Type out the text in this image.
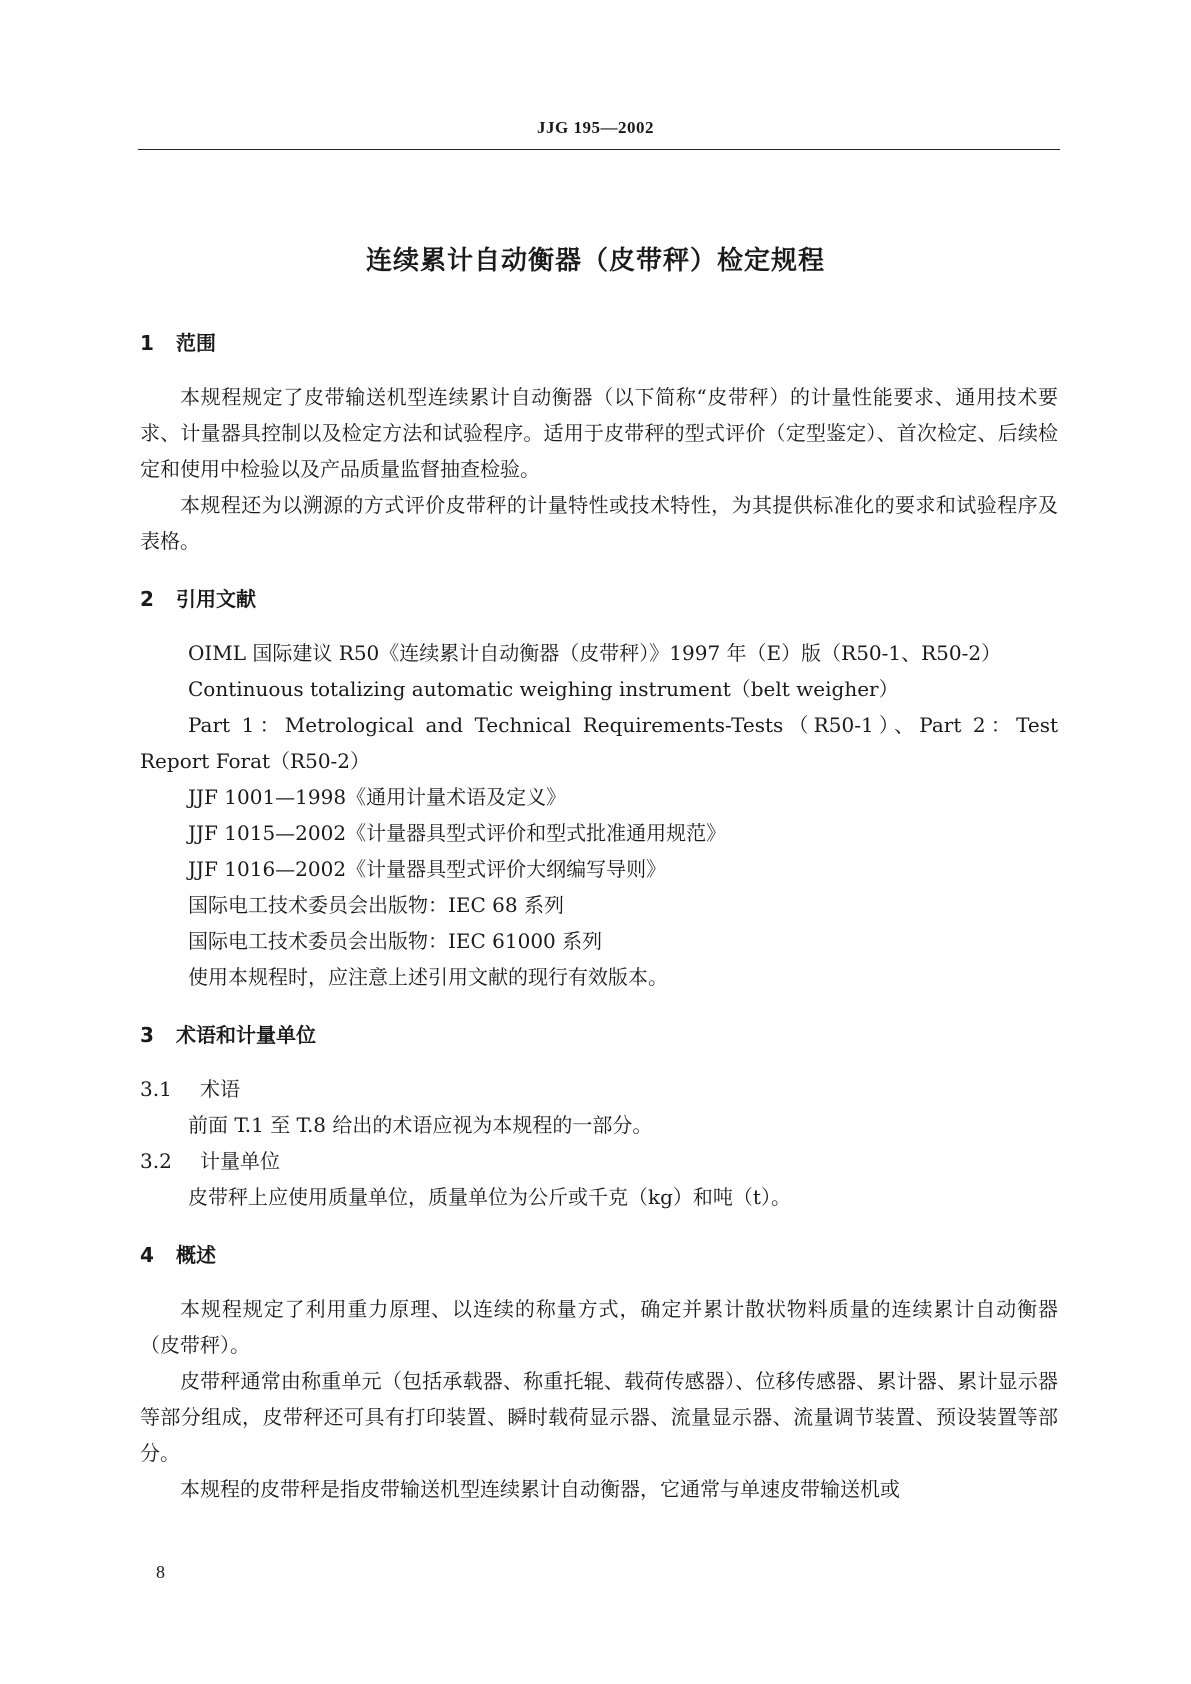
JJG 195—2002
连续累计自动衡器（皮带秤）检定规程
1 范围

本规程规定了皮带输送机型连续累计自动衡器（以下简称“皮带秤）的计量性能要求、通用技术要求、计量器具控制以及检定方法和试验程序。适用于皮带秤的型式评价（定型鉴定）、首次检定、后续检定和使用中检验以及产品质量监督抽查检验。

本规程还为以溯源的方式评价皮带秤的计量特性或技术特性，为其提供标准化的要求和试验程序及表格。

2 引用文献

OIML 国际建议 R50《连续累计自动衡器（皮带秤）》1997 年（E）版（R50-1、R50-2）

Continuous totalizing automatic weighing instrument（belt weigher）

Part 1：Metrological and Technical Requirements-Tests（R50-1）、Part 2：Test Report Forat（R50-2）

JJF 1001—1998《通用计量术语及定义》

JJF 1015—2002《计量器具型式评价和型式批准通用规范》

JJF 1016—2002《计量器具型式评价大纲编写导则》

国际电工技术委员会出版物：IEC 68 系列

国际电工技术委员会出版物：IEC 61000 系列

使用本规程时，应注意上述引用文献的现行有效版本。

3 术语和计量单位
3.1 术语

前面 T.1 至 T.8 给出的术语应视为本规程的一部分。

3.2 计量单位

皮带秤上应使用质量单位，质量单位为公斤或千克（kg）和吨（t）。

4 概述

本规程规定了利用重力原理、以连续的称量方式，确定并累计散状物料质量的连续累计自动衡器（皮带秤）。

皮带秤通常由称重单元（包括承载器、称重托辊、载荷传感器）、位移传感器、累计器、累计显示器等部分组成，皮带秤还可具有打印装置、瞬时载荷显示器、流量显示器、流量调节装置、预设装置等部分。

本规程的皮带秤是指皮带输送机型连续累计自动衡器，它通常与单速皮带输送机或

8
